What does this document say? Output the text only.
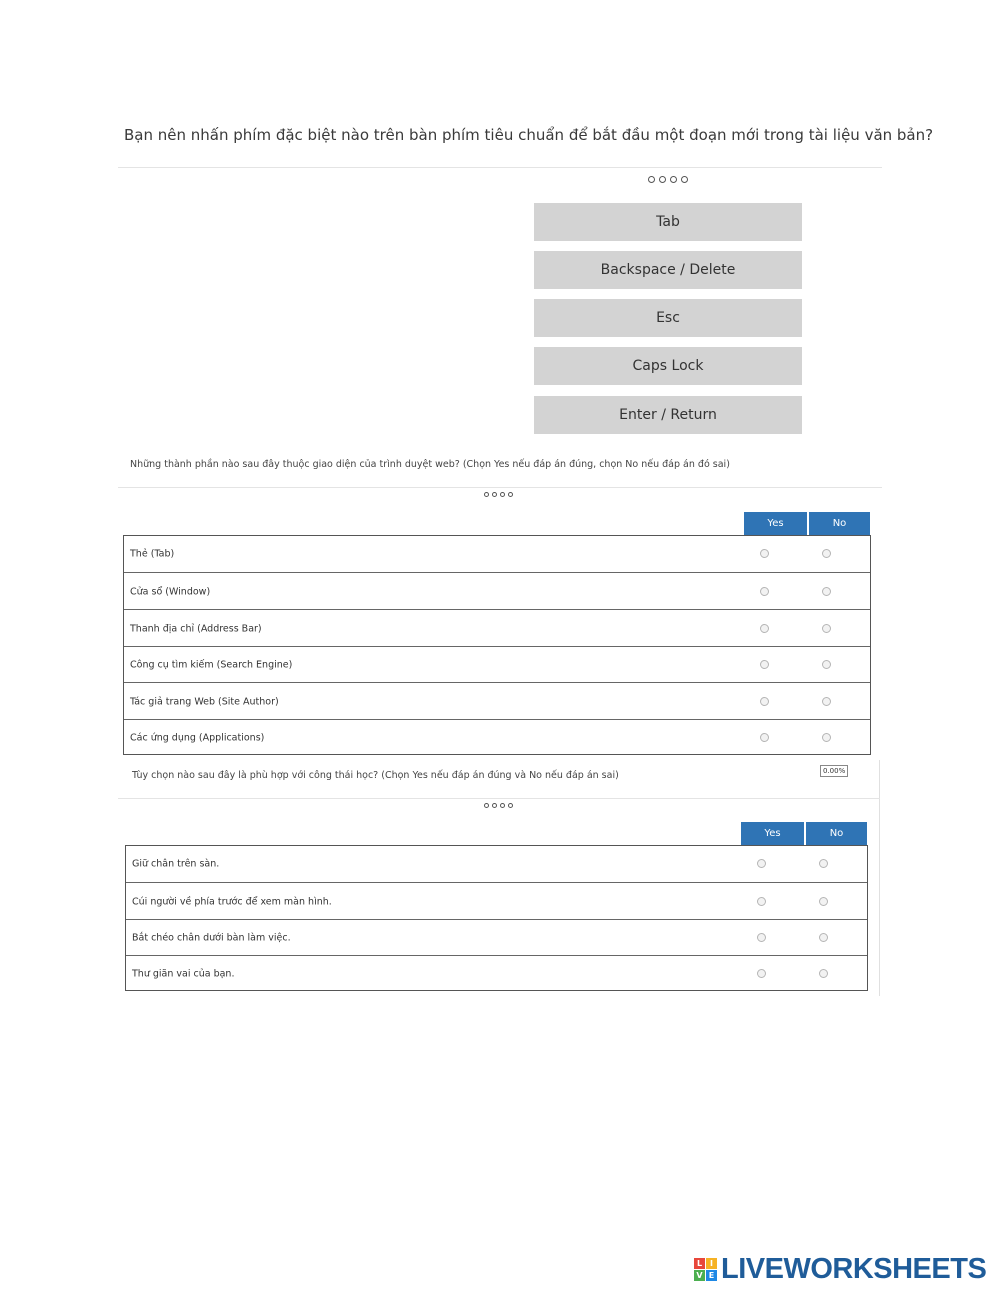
Bạn nên nhấn phím đặc biệt nào trên bàn phím tiêu chuẩn để bắt đầu một đoạn mới trong tài liệu văn bản?
Tab
Backspace / Delete
Esc
Caps Lock
Enter / Return
Những thành phần nào sau đây thuộc giao diện của trình duyệt web? (Chọn Yes nếu đáp án đúng, chọn No nếu đáp án đó sai)
Yes	No
Thẻ (Tab)
Cửa sổ (Window)
Thanh địa chỉ (Address Bar)
Công cụ tìm kiếm (Search Engine)
Tác giả trang Web (Site Author)
Các ứng dụng (Applications)
Tùy chọn nào sau đây là phù hợp với công thái học? (Chọn Yes nếu đáp án đúng và No nếu đáp án sai)	0.00%
Yes	No
Giữ chân trên sàn.
Cúi người về phía trước để xem màn hình.
Bắt chéo chân dưới bàn làm việc.
Thư giãn vai của bạn.
L I
V E LIVEWORKSHEETS
